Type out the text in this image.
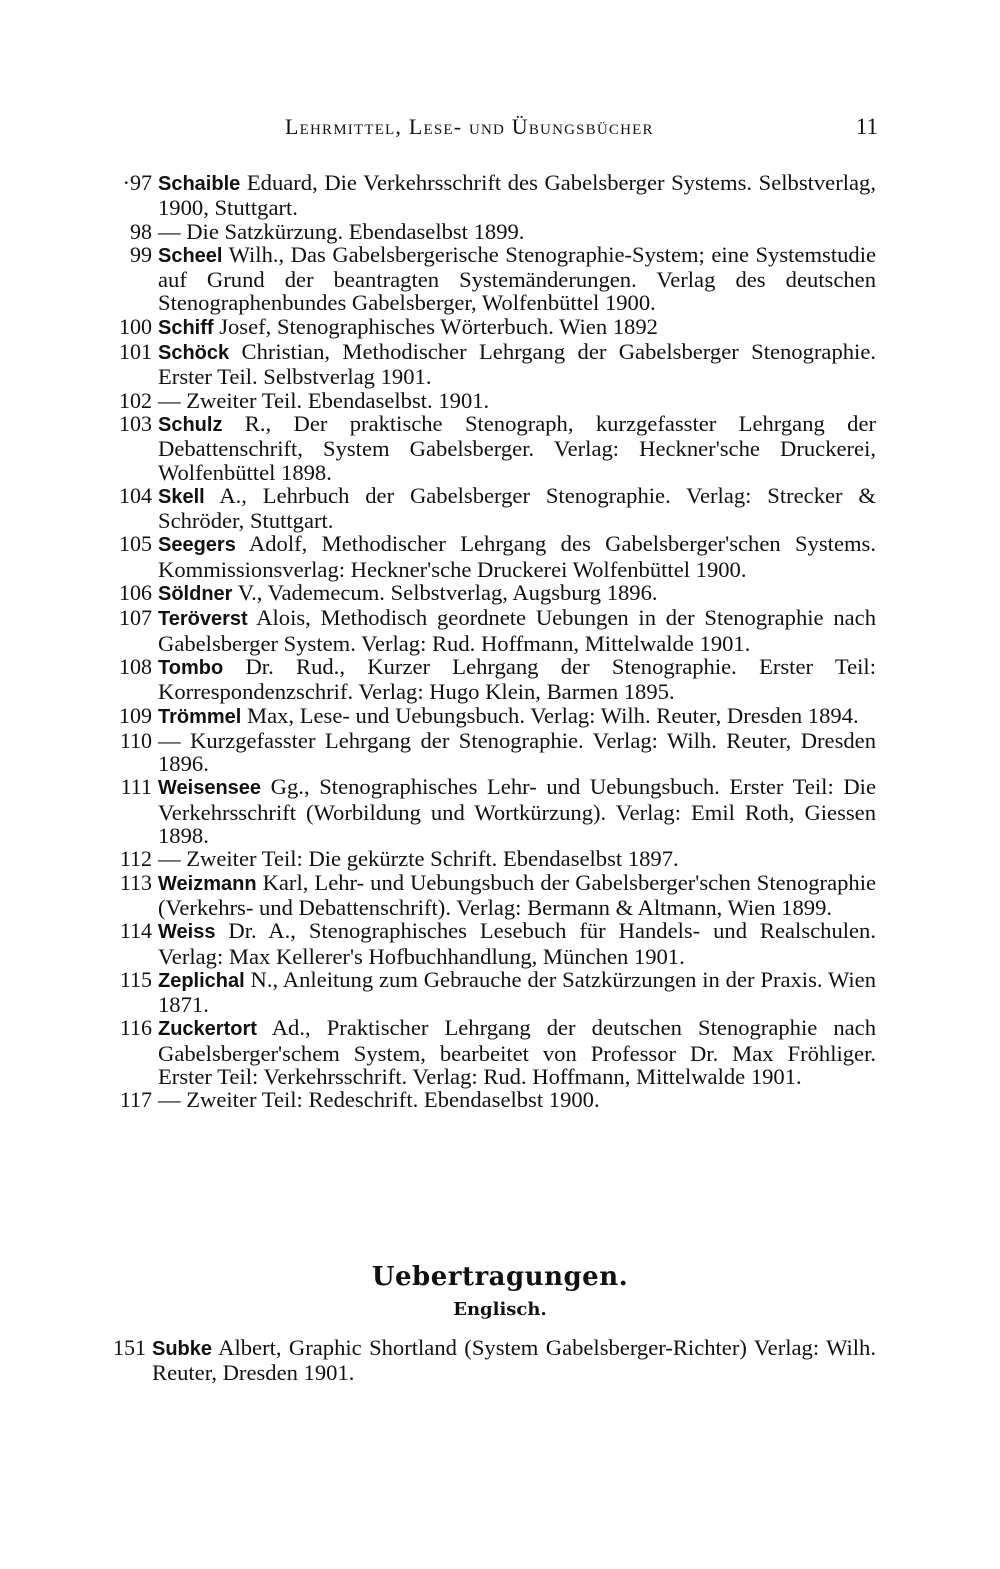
Lehrmittel, Lese- und Übungsbücher	11
·97 Schaible Eduard, Die Verkehrsschrift des Gabelsberger Systems. Selbstverlag, 1900, Stuttgart.
98 — Die Satzkürzung. Ebendaselbst 1899.
99 Scheel Wilh., Das Gabelsbergerische Stenographie-System; eine Systemstudie auf Grund der beantragten Systemänderungen. Verlag des deutschen Stenographenbundes Gabelsberger, Wolfenbüttel 1900.
100 Schiff Josef, Stenographisches Wörterbuch. Wien 1892
101 Schöck Christian, Methodischer Lehrgang der Gabelsberger Stenographie. Erster Teil. Selbstverlag 1901.
102 — Zweiter Teil. Ebendaselbst. 1901.
103 Schulz R., Der praktische Stenograph, kurzgefasster Lehrgang der Debattenschrift, System Gabelsberger. Verlag: Heckner'sche Druckerei, Wolfenbüttel 1898.
104 Skell A., Lehrbuch der Gabelsberger Stenographie. Verlag: Strecker & Schröder, Stuttgart.
105 Seegers Adolf, Methodischer Lehrgang des Gabelsberger'schen Systems. Kommissionsverlag: Heckner'sche Druckerei Wolfenbüttel 1900.
106 Söldner V., Vademecum. Selbstverlag, Augsburg 1896.
107 Teröverst Alois, Methodisch geordnete Uebungen in der Stenographie nach Gabelsberger System. Verlag: Rud. Hoffmann, Mittelwalde 1901.
108 Tombo Dr. Rud., Kurzer Lehrgang der Stenographie. Erster Teil: Korrespondenzschrif. Verlag: Hugo Klein, Barmen 1895.
109 Trömmel Max, Lese- und Uebungsbuch. Verlag: Wilh. Reuter, Dresden 1894.
110 — Kurzgefasster Lehrgang der Stenographie. Verlag: Wilh. Reuter, Dresden 1896.
111 Weisensee Gg., Stenographisches Lehr- und Uebungsbuch. Erster Teil: Die Verkehrsschrift (Worbildung und Wortkürzung). Verlag: Emil Roth, Giessen 1898.
112 — Zweiter Teil: Die gekürzte Schrift. Ebendaselbst 1897.
113 Weizmann Karl, Lehr- und Uebungsbuch der Gabelsberger'schen Stenographie (Verkehrs- und Debattenschrift). Verlag: Bermann & Altmann, Wien 1899.
114 Weiss Dr. A., Stenographisches Lesebuch für Handels- und Realschulen. Verlag: Max Kellerer's Hofbuchhandlung, München 1901.
115 Zeplichal N., Anleitung zum Gebrauche der Satzkürzungen in der Praxis. Wien 1871.
116 Zuckertort Ad., Praktischer Lehrgang der deutschen Stenographie nach Gabelsberger'schem System, bearbeitet von Professor Dr. Max Fröhliger. Erster Teil: Verkehrsschrift. Verlag: Rud. Hoffmann, Mittelwalde 1901.
117 — Zweiter Teil: Redeschrift. Ebendaselbst 1900.
Uebertragungen.
Englisch.
151 Subke Albert, Graphic Shortland (System Gabelsberger-Richter) Verlag: Wilh. Reuter, Dresden 1901.
